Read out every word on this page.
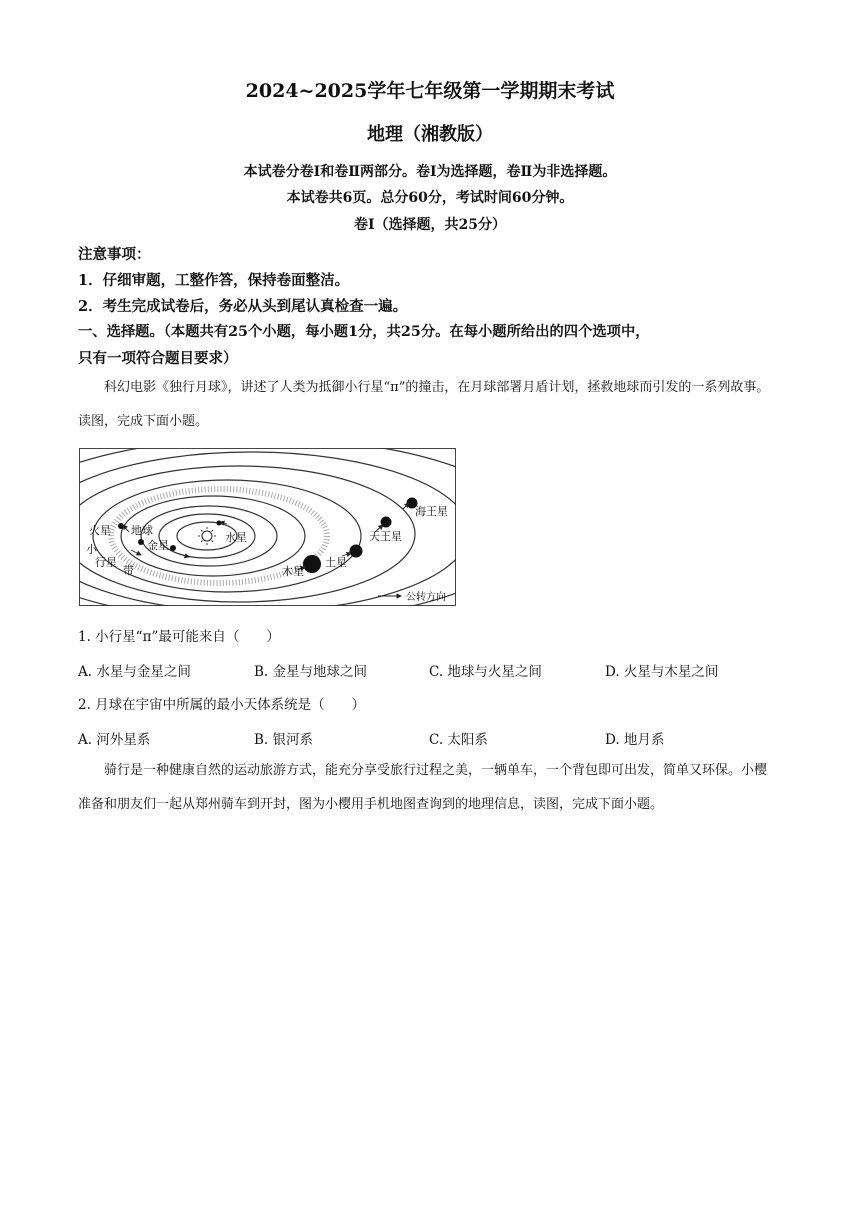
2024~2025学年七年级第一学期期末考试
地理（湘教版）
本试卷分卷Ⅰ和卷Ⅱ两部分。卷Ⅰ为选择题，卷Ⅱ为非选择题。
本试卷共6页。总分60分，考试时间60分钟。
卷Ⅰ（选择题，共25分）
注意事项：
1．仔细审题，工整作答，保持卷面整洁。
2．考生完成试卷后，务必从头到尾认真检查一遍。
一、选择题。（本题共有25个小题，每小题1分，共25分。在每小题所给出的四个选项中，
只有一项符合题目要求）
科幻电影《独行月球》，讲述了人类为抵御小行星“π”的撞击，在月球部署月盾计划，拯救地球而引发的一系列故事。读图，完成下面小题。
火星 地球
金星
水星
小
行星
带	木星
土星
天王星
海王星
公转方向
1. 小行星“π”最可能来自（　　）
A. 水星与金星之间	B. 金星与地球之间	C. 地球与火星之间	D. 火星与木星之间
2. 月球在宇宙中所属的最小天体系统是（　　）
A. 河外星系	B. 银河系	C. 太阳系	D. 地月系
骑行是一种健康自然的运动旅游方式，能充分享受旅行过程之美，一辆单车，一个背包即可出发，简单又环保。小樱准备和朋友们一起从郑州骑车到开封，图为小樱用手机地图查询到的地理信息，读图，完成下面小题。
